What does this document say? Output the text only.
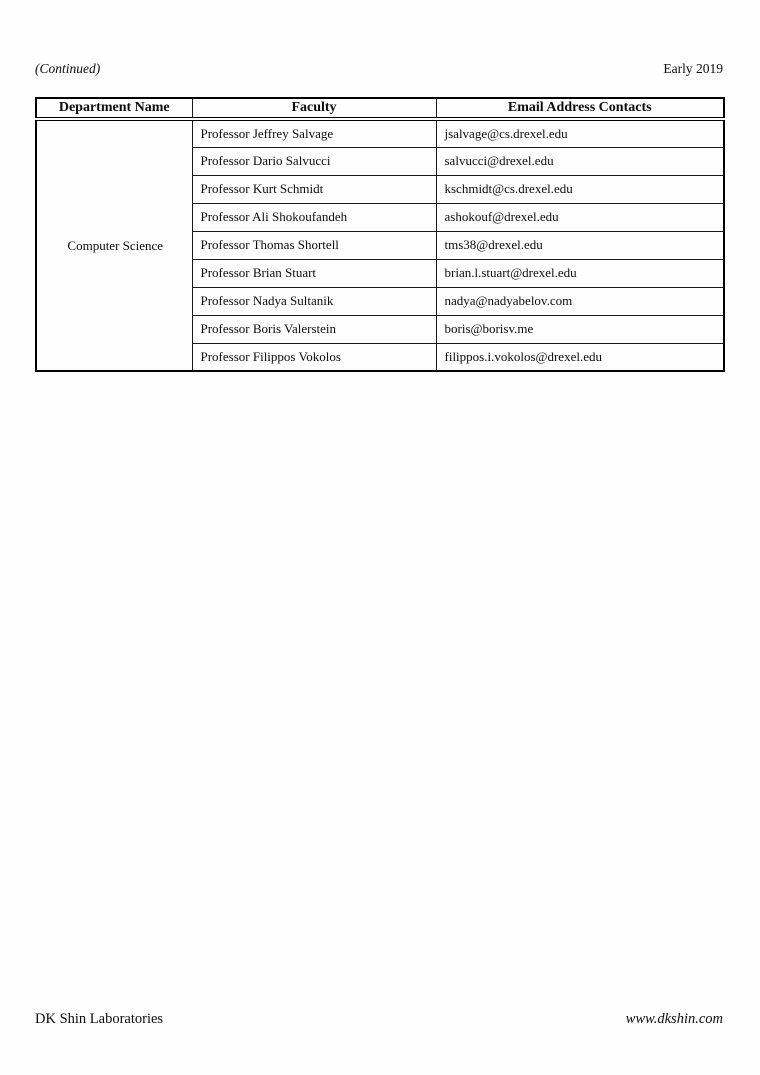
(Continued)	Early 2019
Department Name	Faculty	Email Address Contacts
Computer Science	Professor Jeffrey Salvage	jsalvage@cs.drexel.edu
	Professor Dario Salvucci	salvucci@drexel.edu
	Professor Kurt Schmidt	kschmidt@cs.drexel.edu
	Professor Ali Shokoufandeh	ashokouf@drexel.edu
	Professor Thomas Shortell	tms38@drexel.edu
	Professor Brian Stuart	brian.l.stuart@drexel.edu
	Professor Nadya Sultanik	nadya@nadyabelov.com
	Professor Boris Valerstein	boris@borisv.me
	Professor Filippos Vokolos	filippos.i.vokolos@drexel.edu
DK Shin Laboratories	www.dkshin.com
